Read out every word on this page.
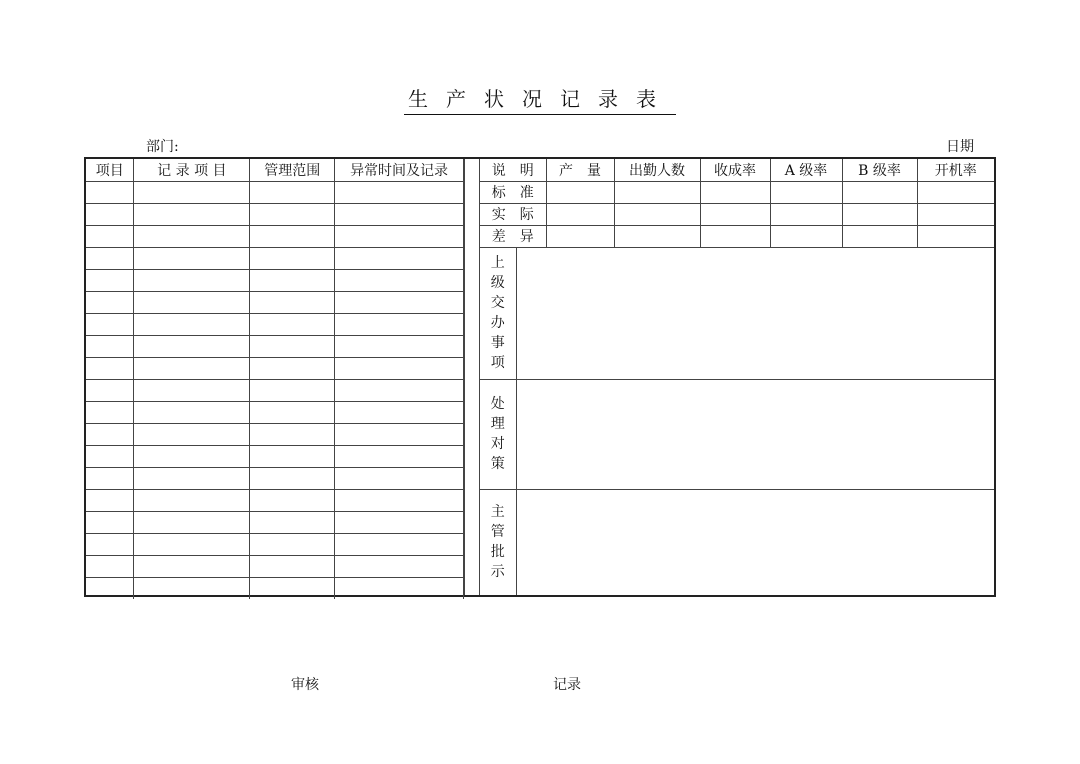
生产状况记录表
部门:	日期
项目	记 录 项 目	管理范围	异常时间及记录

				说　明		产　量	出勤人数	收成率	A 级率	B 级率	开机率
标　准							
实　际							
差　异							

上级交办事项							

处理对策							

主管批示							

审核	记录
